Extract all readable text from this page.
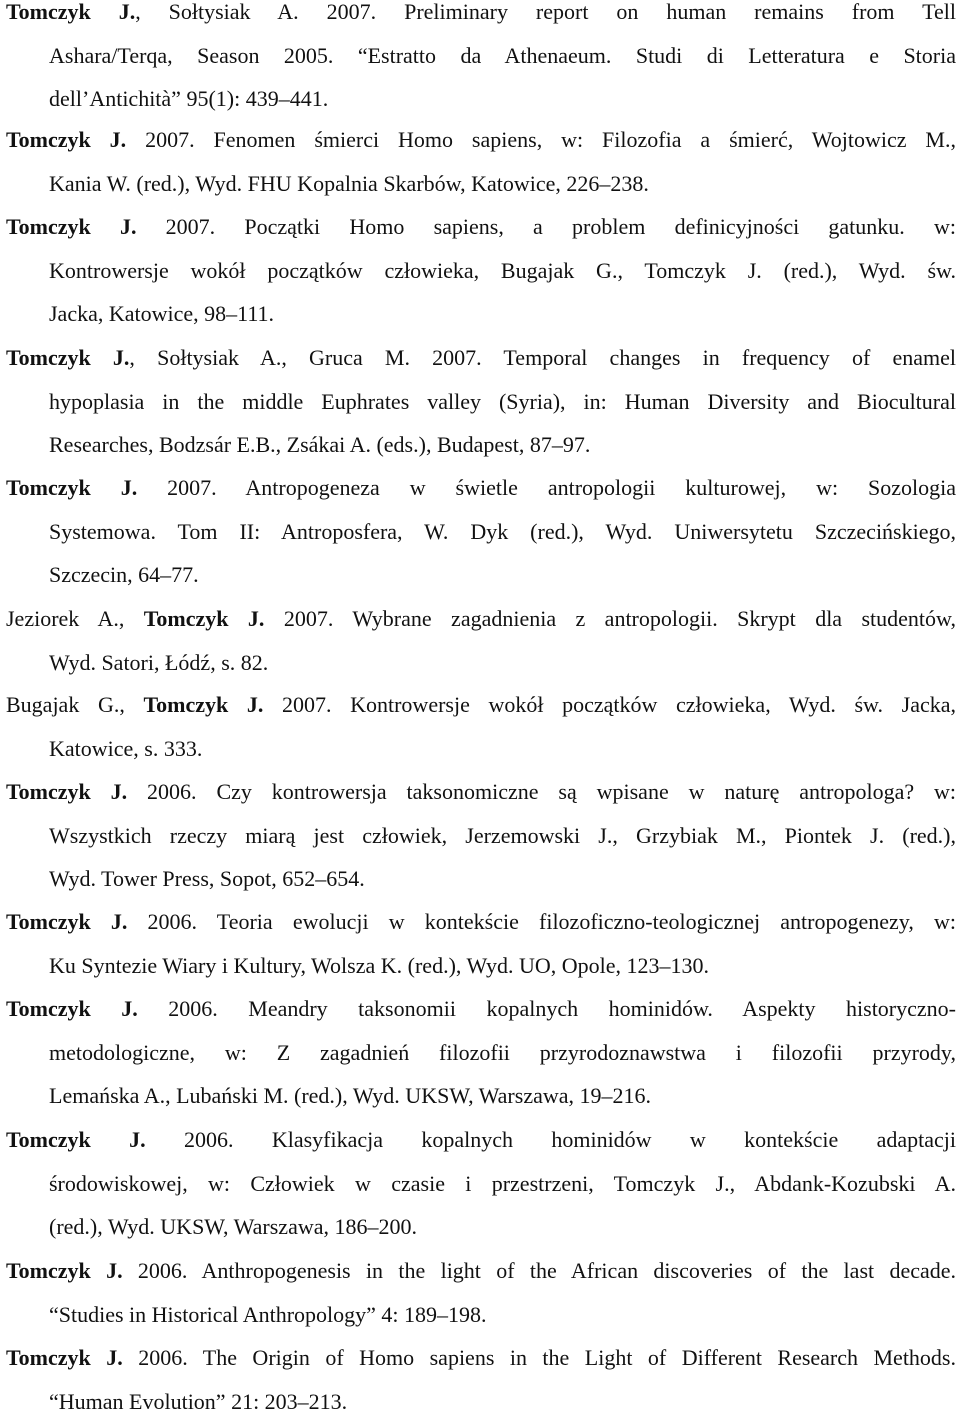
Tomczyk J., Sołtysiak A. 2007. Preliminary report on human remains from Tell
Ashara/Terqa, Season 2005. “Estratto da Athenaeum. Studi di Letteratura e Storia
dell’Antichità” 95(1): 439–441.
Tomczyk J. 2007. Fenomen śmierci Homo sapiens, w: Filozofia a śmierć, Wojtowicz M.,
Kania W. (red.), Wyd. FHU Kopalnia Skarbów, Katowice, 226–238.
Tomczyk J. 2007. Początki Homo sapiens, a problem definicyjności gatunku. w:
Kontrowersje wokół początków człowieka, Bugajak G., Tomczyk J. (red.), Wyd. św.
Jacka, Katowice, 98–111.
Tomczyk J., Sołtysiak A., Gruca M. 2007. Temporal changes in frequency of enamel
hypoplasia in the middle Euphrates valley (Syria), in: Human Diversity and Biocultural
Researches, Bodzsár E.B., Zsákai A. (eds.), Budapest, 87–97.
Tomczyk J. 2007. Antropogeneza w świetle antropologii kulturowej, w: Sozologia
Systemowa. Tom II: Antroposfera, W. Dyk (red.), Wyd. Uniwersytetu Szczecińskiego,
Szczecin, 64–77.
Jeziorek A., Tomczyk J. 2007. Wybrane zagadnienia z antropologii. Skrypt dla studentów,
Wyd. Satori, Łódź, s. 82.
Bugajak G., Tomczyk J. 2007. Kontrowersje wokół początków człowieka, Wyd. św. Jacka,
Katowice, s. 333.
Tomczyk J. 2006. Czy kontrowersja taksonomiczne są wpisane w naturę antropologa? w:
Wszystkich rzeczy miarą jest człowiek, Jerzemowski J., Grzybiak M., Piontek J. (red.),
Wyd. Tower Press, Sopot, 652–654.
Tomczyk J. 2006. Teoria ewolucji w kontekście filozoficzno-teologicznej antropogenezy, w:
Ku Syntezie Wiary i Kultury, Wolsza K. (red.), Wyd. UO, Opole, 123–130.
Tomczyk J. 2006. Meandry taksonomii kopalnych hominidów. Aspekty historyczno-
metodologiczne, w: Z zagadnień filozofii przyrodoznawstwa i filozofii przyrody,
Lemańska A., Lubański M. (red.), Wyd. UKSW, Warszawa, 19–216.
Tomczyk J. 2006. Klasyfikacja kopalnych hominidów w kontekście adaptacji
środowiskowej, w: Człowiek w czasie i przestrzeni, Tomczyk J., Abdank-Kozubski A.
(red.), Wyd. UKSW, Warszawa, 186–200.
Tomczyk J. 2006. Anthropogenesis in the light of the African discoveries of the last decade.
“Studies in Historical Anthropology” 4: 189–198.
Tomczyk J. 2006. The Origin of Homo sapiens in the Light of Different Research Methods.
“Human Evolution” 21: 203–213.
